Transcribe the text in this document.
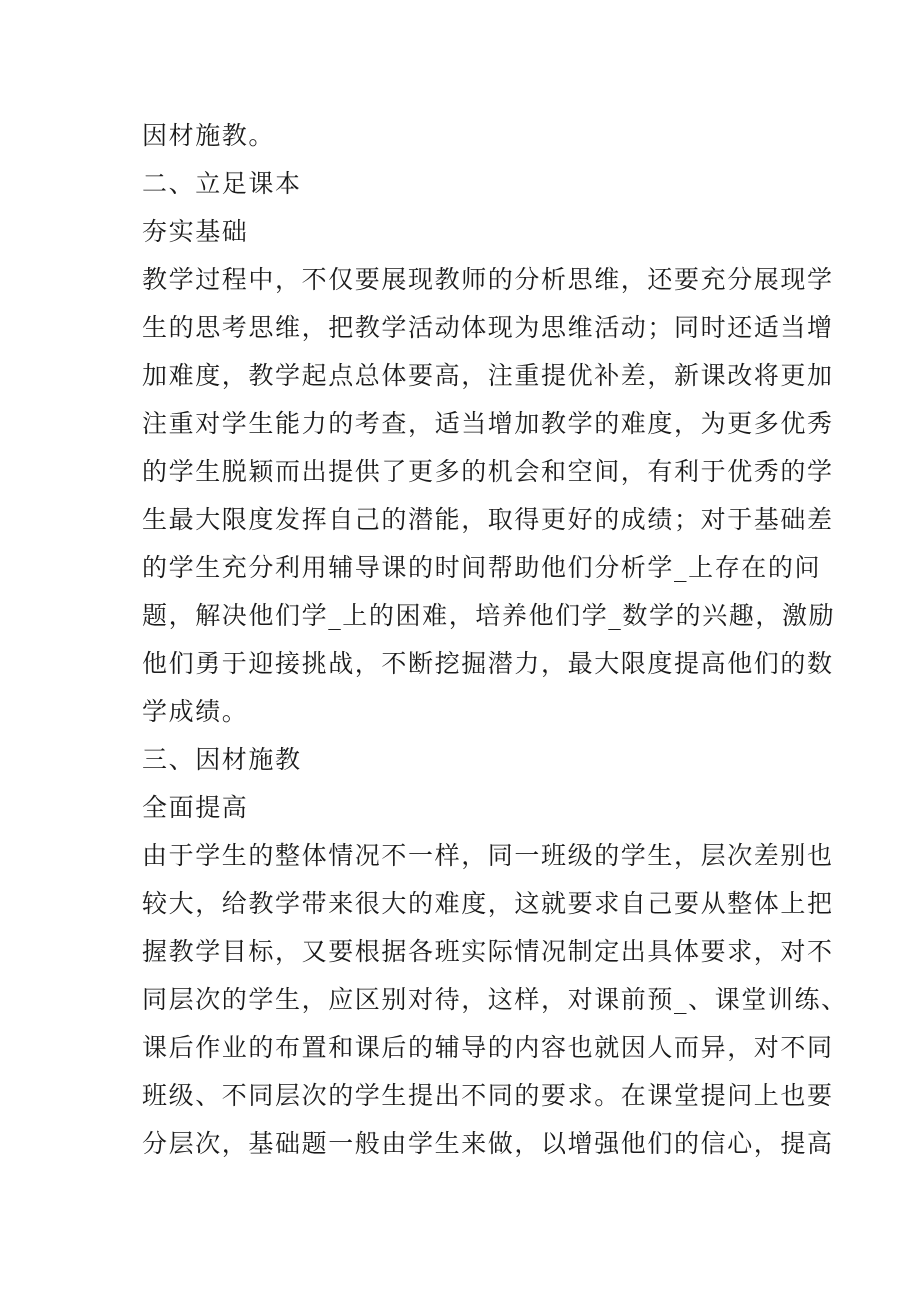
因材施教。
二、立足课本
夯实基础
教学过程中，不仅要展现教师的分析思维，还要充分展现学
生的思考思维，把教学活动体现为思维活动；同时还适当增
加难度，教学起点总体要高，注重提优补差，新课改将更加
注重对学生能力的考查，适当增加教学的难度，为更多优秀
的学生脱颖而出提供了更多的机会和空间，有利于优秀的学
生最大限度发挥自己的潜能，取得更好的成绩；对于基础差
的学生充分利用辅导课的时间帮助他们分析学_上存在的问
题，解决他们学_上的困难，培养他们学_数学的兴趣，激励
他们勇于迎接挑战，不断挖掘潜力，最大限度提高他们的数
学成绩。
三、因材施教
全面提高
由于学生的整体情况不一样，同一班级的学生，层次差别也
较大，给教学带来很大的难度，这就要求自己要从整体上把
握教学目标，又要根据各班实际情况制定出具体要求，对不
同层次的学生，应区别对待，这样，对课前预_、课堂训练、
课后作业的布置和课后的辅导的内容也就因人而异，对不同
班级、不同层次的学生提出不同的要求。在课堂提问上也要
分层次，基础题一般由学生来做，以增强他们的信心，提高
